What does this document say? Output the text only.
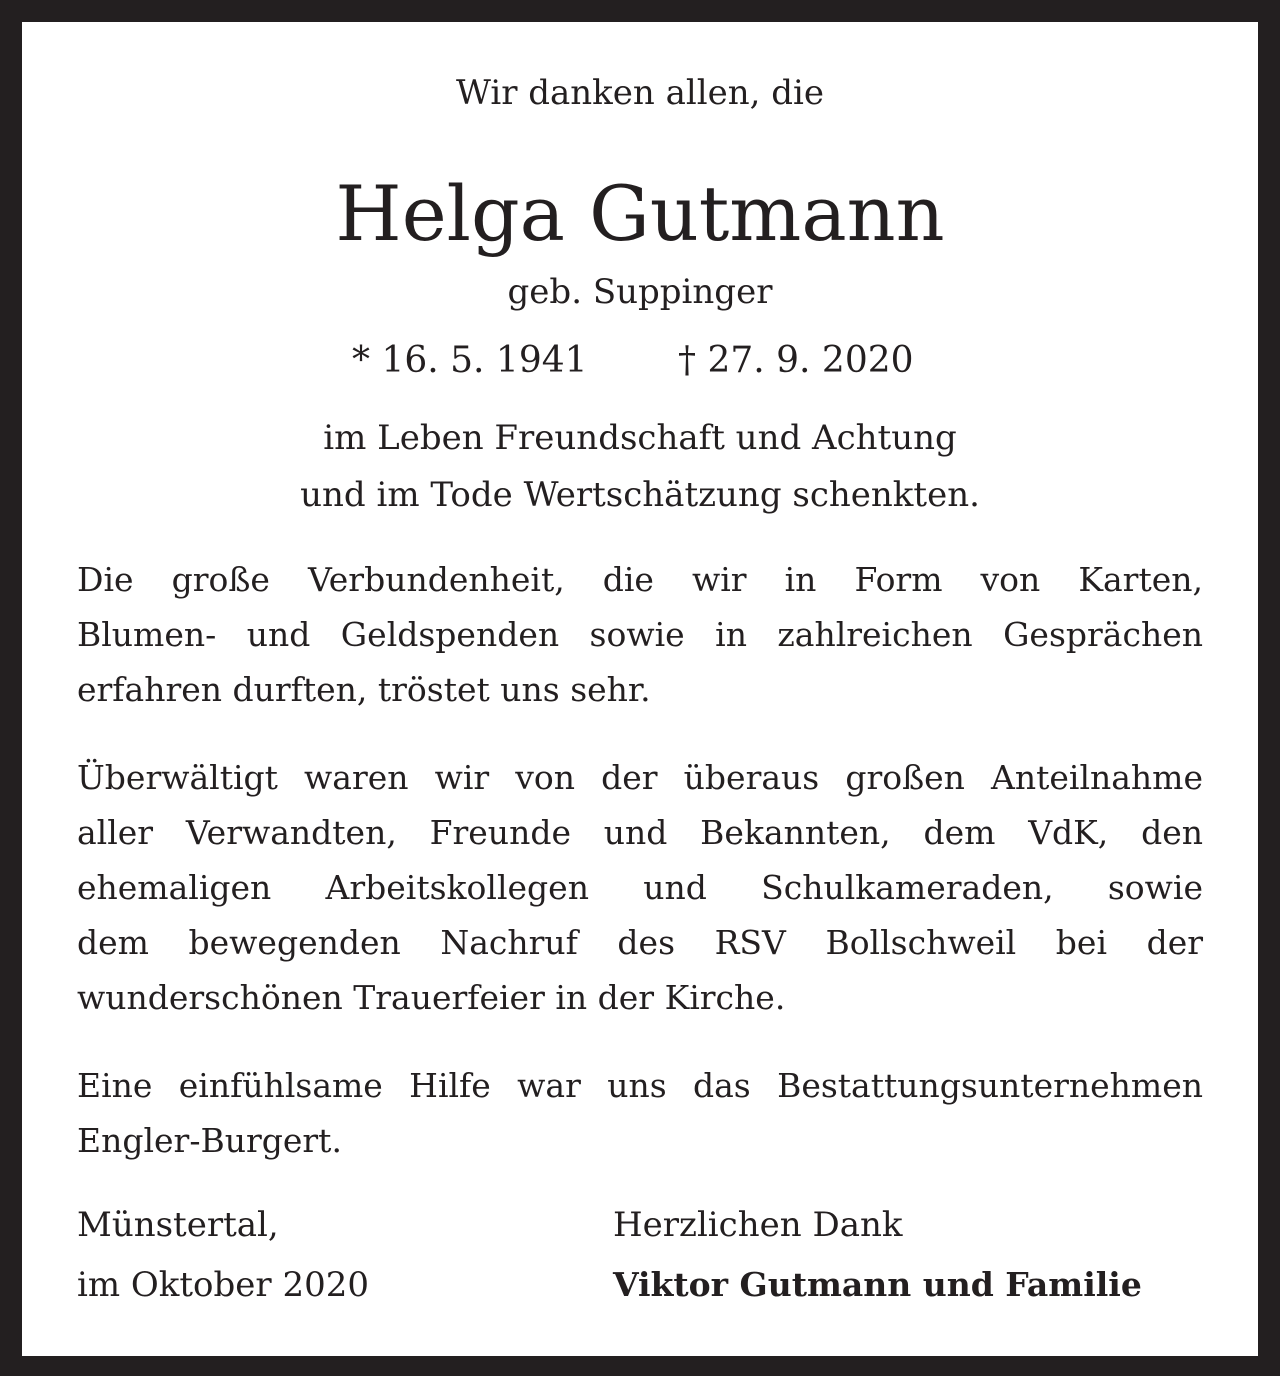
Wir danken allen, die
Helga Gutmann
geb. Suppinger
* 16. 5. 1941	† 27. 9. 2020
im Leben Freundschaft und Achtung
und im Tode Wertschätzung schenkten.
Die große Verbundenheit, die wir in Form von Karten,
Blumen- und Geldspenden sowie in zahlreichen Gesprächen
erfahren durften, tröstet uns sehr.
Überwältigt waren wir von der überaus großen Anteilnahme
aller Verwandten, Freunde und Bekannten, dem VdK, den
ehemaligen Arbeitskollegen und Schulkameraden, sowie
dem bewegenden Nachruf des RSV Bollschweil bei der
wunderschönen Trauerfeier in der Kirche.
Eine einfühlsame Hilfe war uns das Bestattungsunternehmen
Engler-Burgert.
Münstertal,
im Oktober 2020
Herzlichen Dank
Viktor Gutmann und Familie
